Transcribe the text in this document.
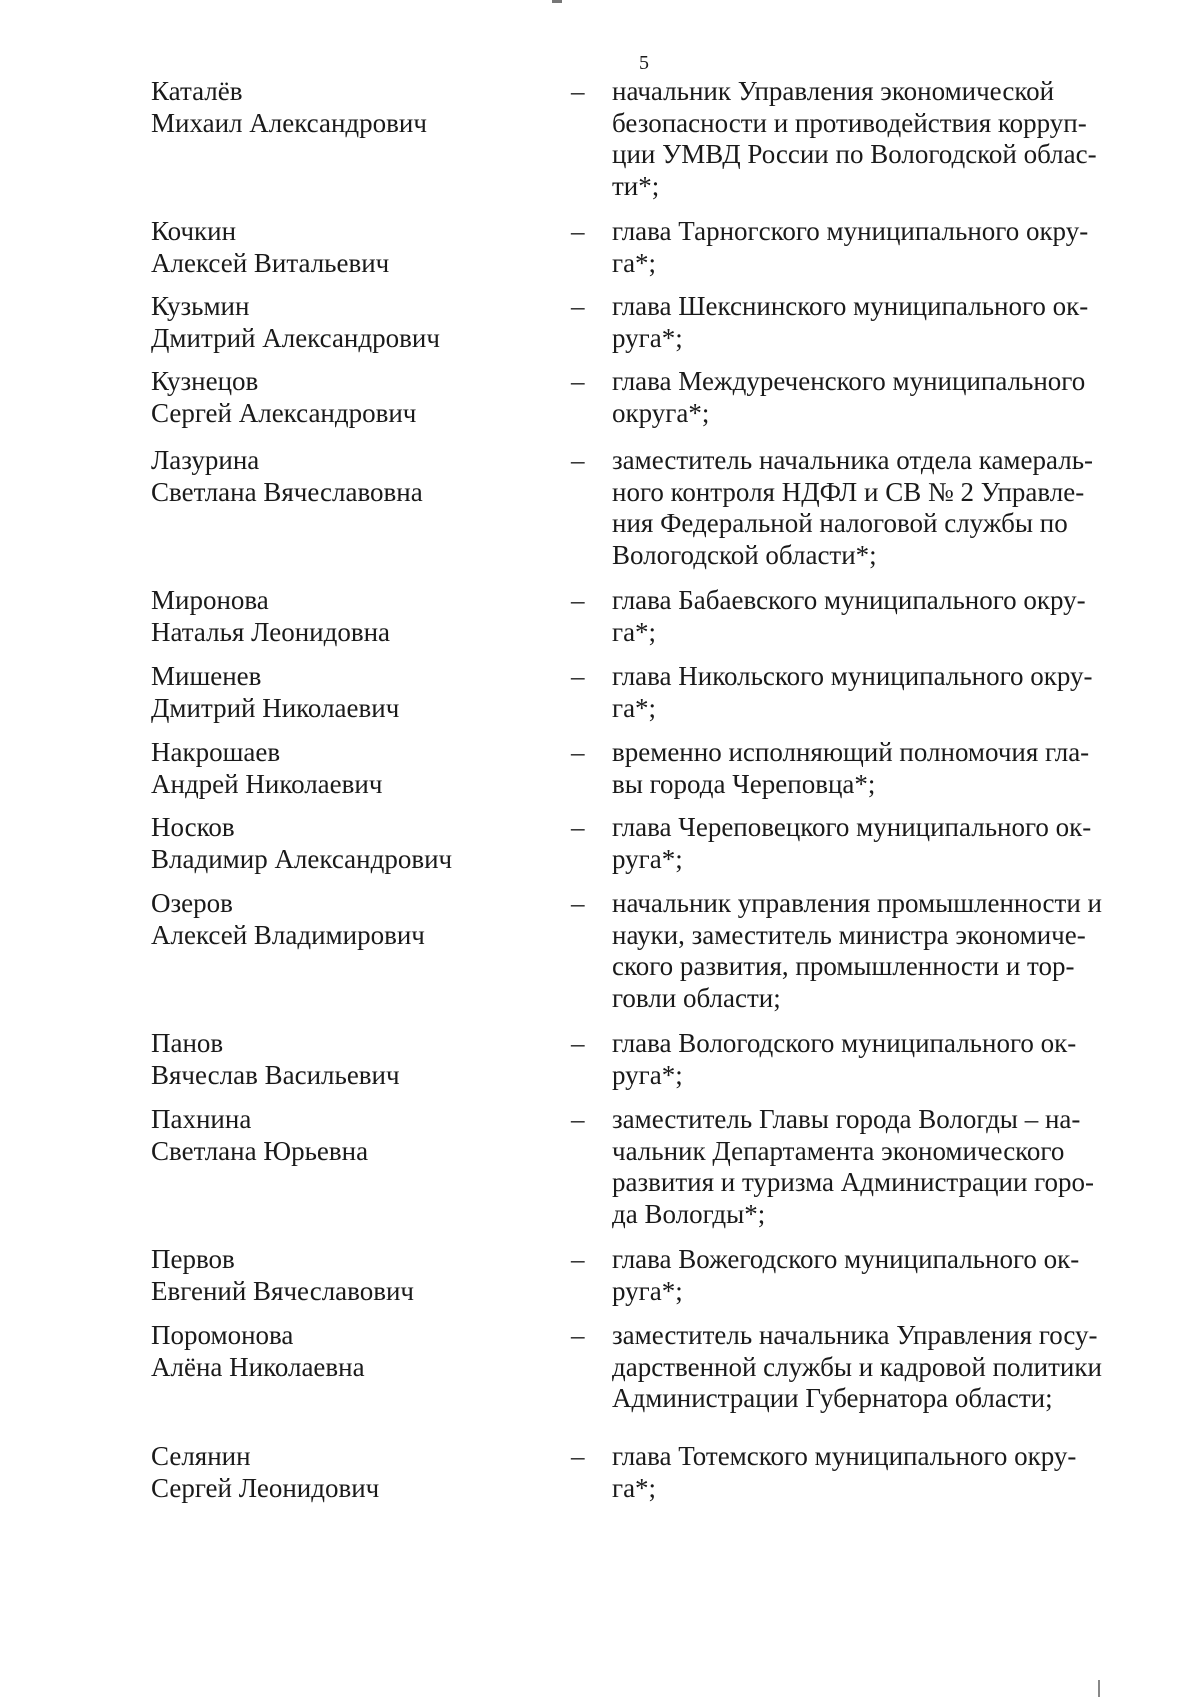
5
Каталёв
Михаил Александрович
– начальник Управления экономической
безопасности и противодействия корруп-
ции УМВД России по Вологодской облас-
ти*;
Кочкин
Алексей Витальевич
– глава Тарногского муниципального окру-
га*;
Кузьмин
Дмитрий Александрович
– глава Шекснинского муниципального ок-
руга*;
Кузнецов
Сергей Александрович
– глава Междуреченского муниципального
округа*;
Лазурина
Светлана Вячеславовна
– заместитель начальника отдела камераль-
ного контроля НДФЛ и СВ № 2 Управле-
ния Федеральной налоговой службы по
Вологодской области*;
Миронова
Наталья Леонидовна
– глава Бабаевского муниципального окру-
га*;
Мишенев
Дмитрий Николаевич
– глава Никольского муниципального окру-
га*;
Накрошаев
Андрей Николаевич
– временно исполняющий полномочия гла-
вы города Череповца*;
Носков
Владимир Александрович
– глава Череповецкого муниципального ок-
руга*;
Озеров
Алексей Владимирович
– начальник управления промышленности и
науки, заместитель министра экономиче-
ского развития, промышленности и тор-
говли области;
Панов
Вячеслав Васильевич
– глава Вологодского муниципального ок-
руга*;
Пахнина
Светлана Юрьевна
– заместитель Главы города Вологды – на-
чальник Департамента экономического
развития и туризма Администрации горо-
да Вологды*;
Первов
Евгений Вячеславович
– глава Вожегодского муниципального ок-
руга*;
Поромонова
Алёна Николаевна
– заместитель начальника Управления госу-
дарственной службы и кадровой политики
Администрации Губернатора области;
Селянин
Сергей Леонидович
– глава Тотемского муниципального окру-
га*;
